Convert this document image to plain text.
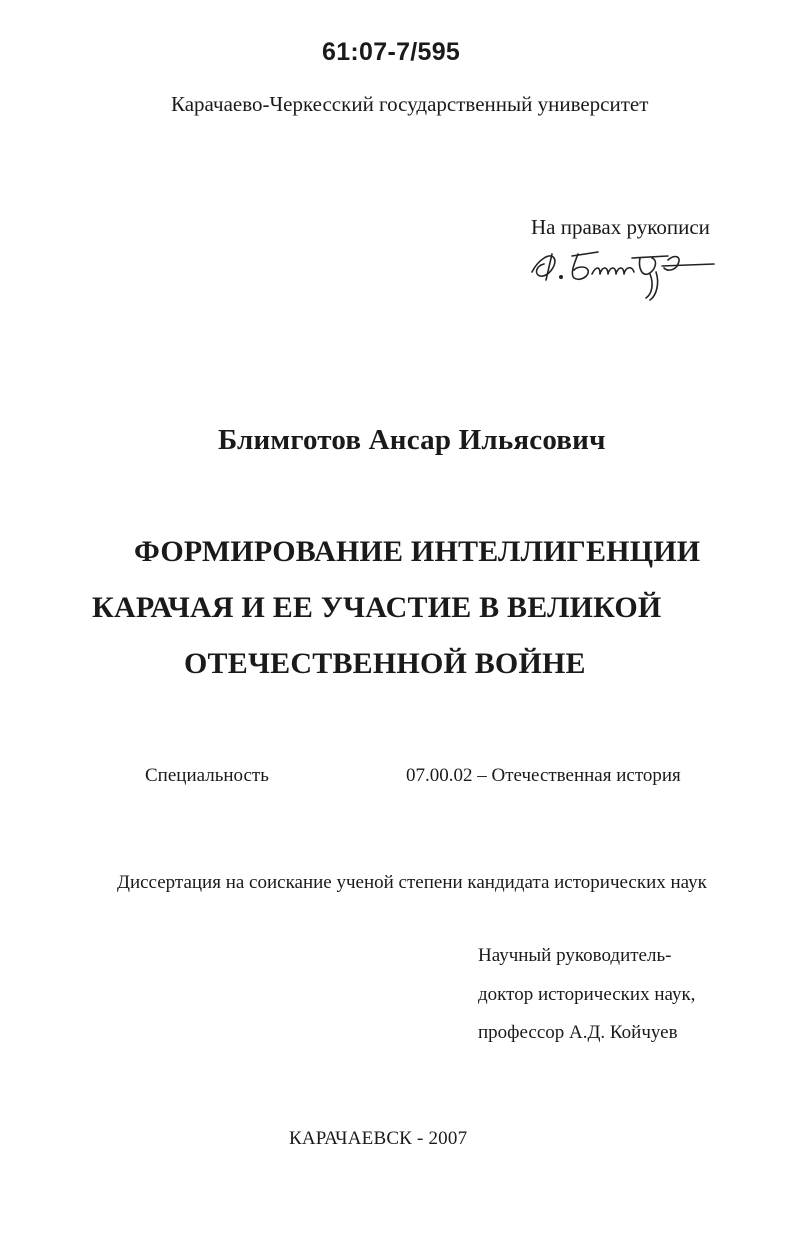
61:07-7/595
Карачаево-Черкесский государственный университет
На правах рукописи
Блимготов Ансар Ильясович
ФОРМИРОВАНИЕ ИНТЕЛЛИГЕНЦИИ
КАРАЧАЯ И ЕЕ УЧАСТИЕ В ВЕЛИКОЙ
ОТЕЧЕСТВЕННОЙ ВОЙНЕ
Специальность	07.00.02 – Отечественная история
Диссертация на соискание ученой степени кандидата исторических наук
Научный руководитель-
доктор исторических наук,
профессор А.Д. Койчуев
КАРАЧАЕВСК - 2007
